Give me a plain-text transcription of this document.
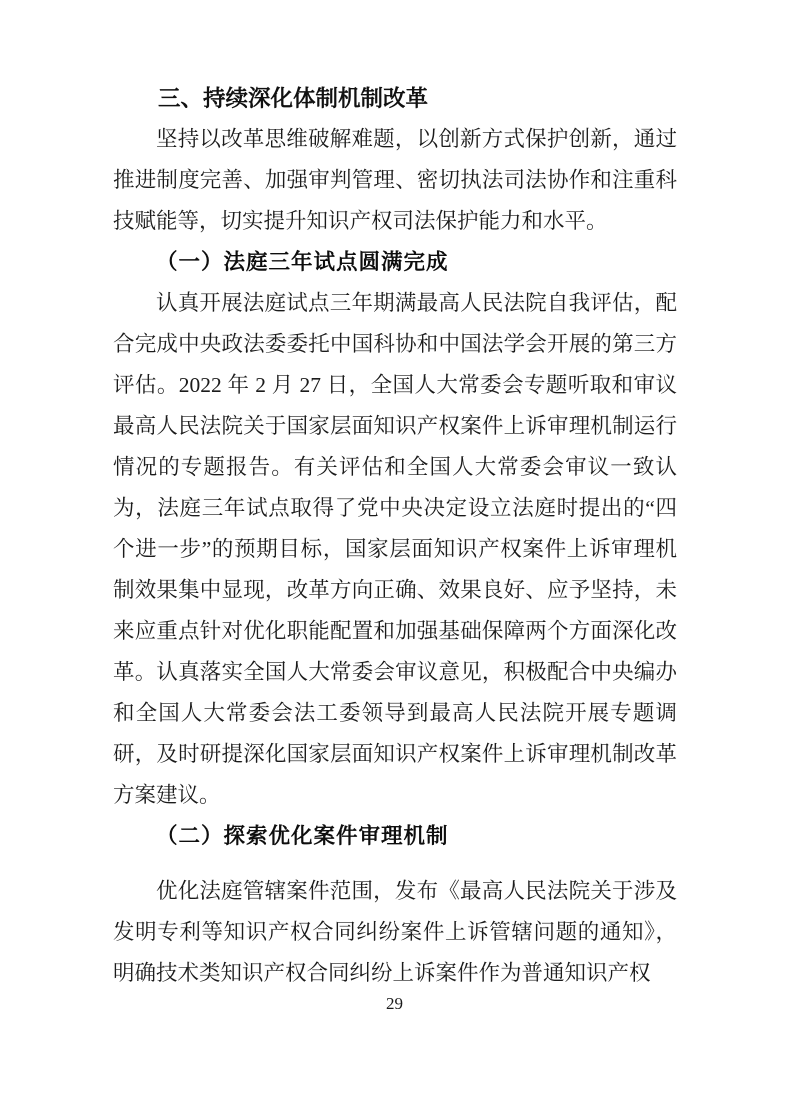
三、持续深化体制机制改革

坚持以改革思维破解难题，以创新方式保护创新，通过推进制度完善、加强审判管理、密切执法司法协作和注重科技赋能等，切实提升知识产权司法保护能力和水平。

（一）法庭三年试点圆满完成

认真开展法庭试点三年期满最高人民法院自我评估，配合完成中央政法委委托中国科协和中国法学会开展的第三方评估。2022 年 2 月 27 日，全国人大常委会专题听取和审议最高人民法院关于国家层面知识产权案件上诉审理机制运行情况的专题报告。有关评估和全国人大常委会审议一致认为，法庭三年试点取得了党中央决定设立法庭时提出的“四个进一步”的预期目标，国家层面知识产权案件上诉审理机制效果集中显现，改革方向正确、效果良好、应予坚持，未来应重点针对优化职能配置和加强基础保障两个方面深化改革。认真落实全国人大常委会审议意见，积极配合中央编办和全国人大常委会法工委领导到最高人民法院开展专题调研，及时研提深化国家层面知识产权案件上诉审理机制改革方案建议。

（二）探索优化案件审理机制

优化法庭管辖案件范围，发布《最高人民法院关于涉及发明专利等知识产权合同纠纷案件上诉管辖问题的通知》，明确技术类知识产权合同纠纷上诉案件作为普通知识产权

29
